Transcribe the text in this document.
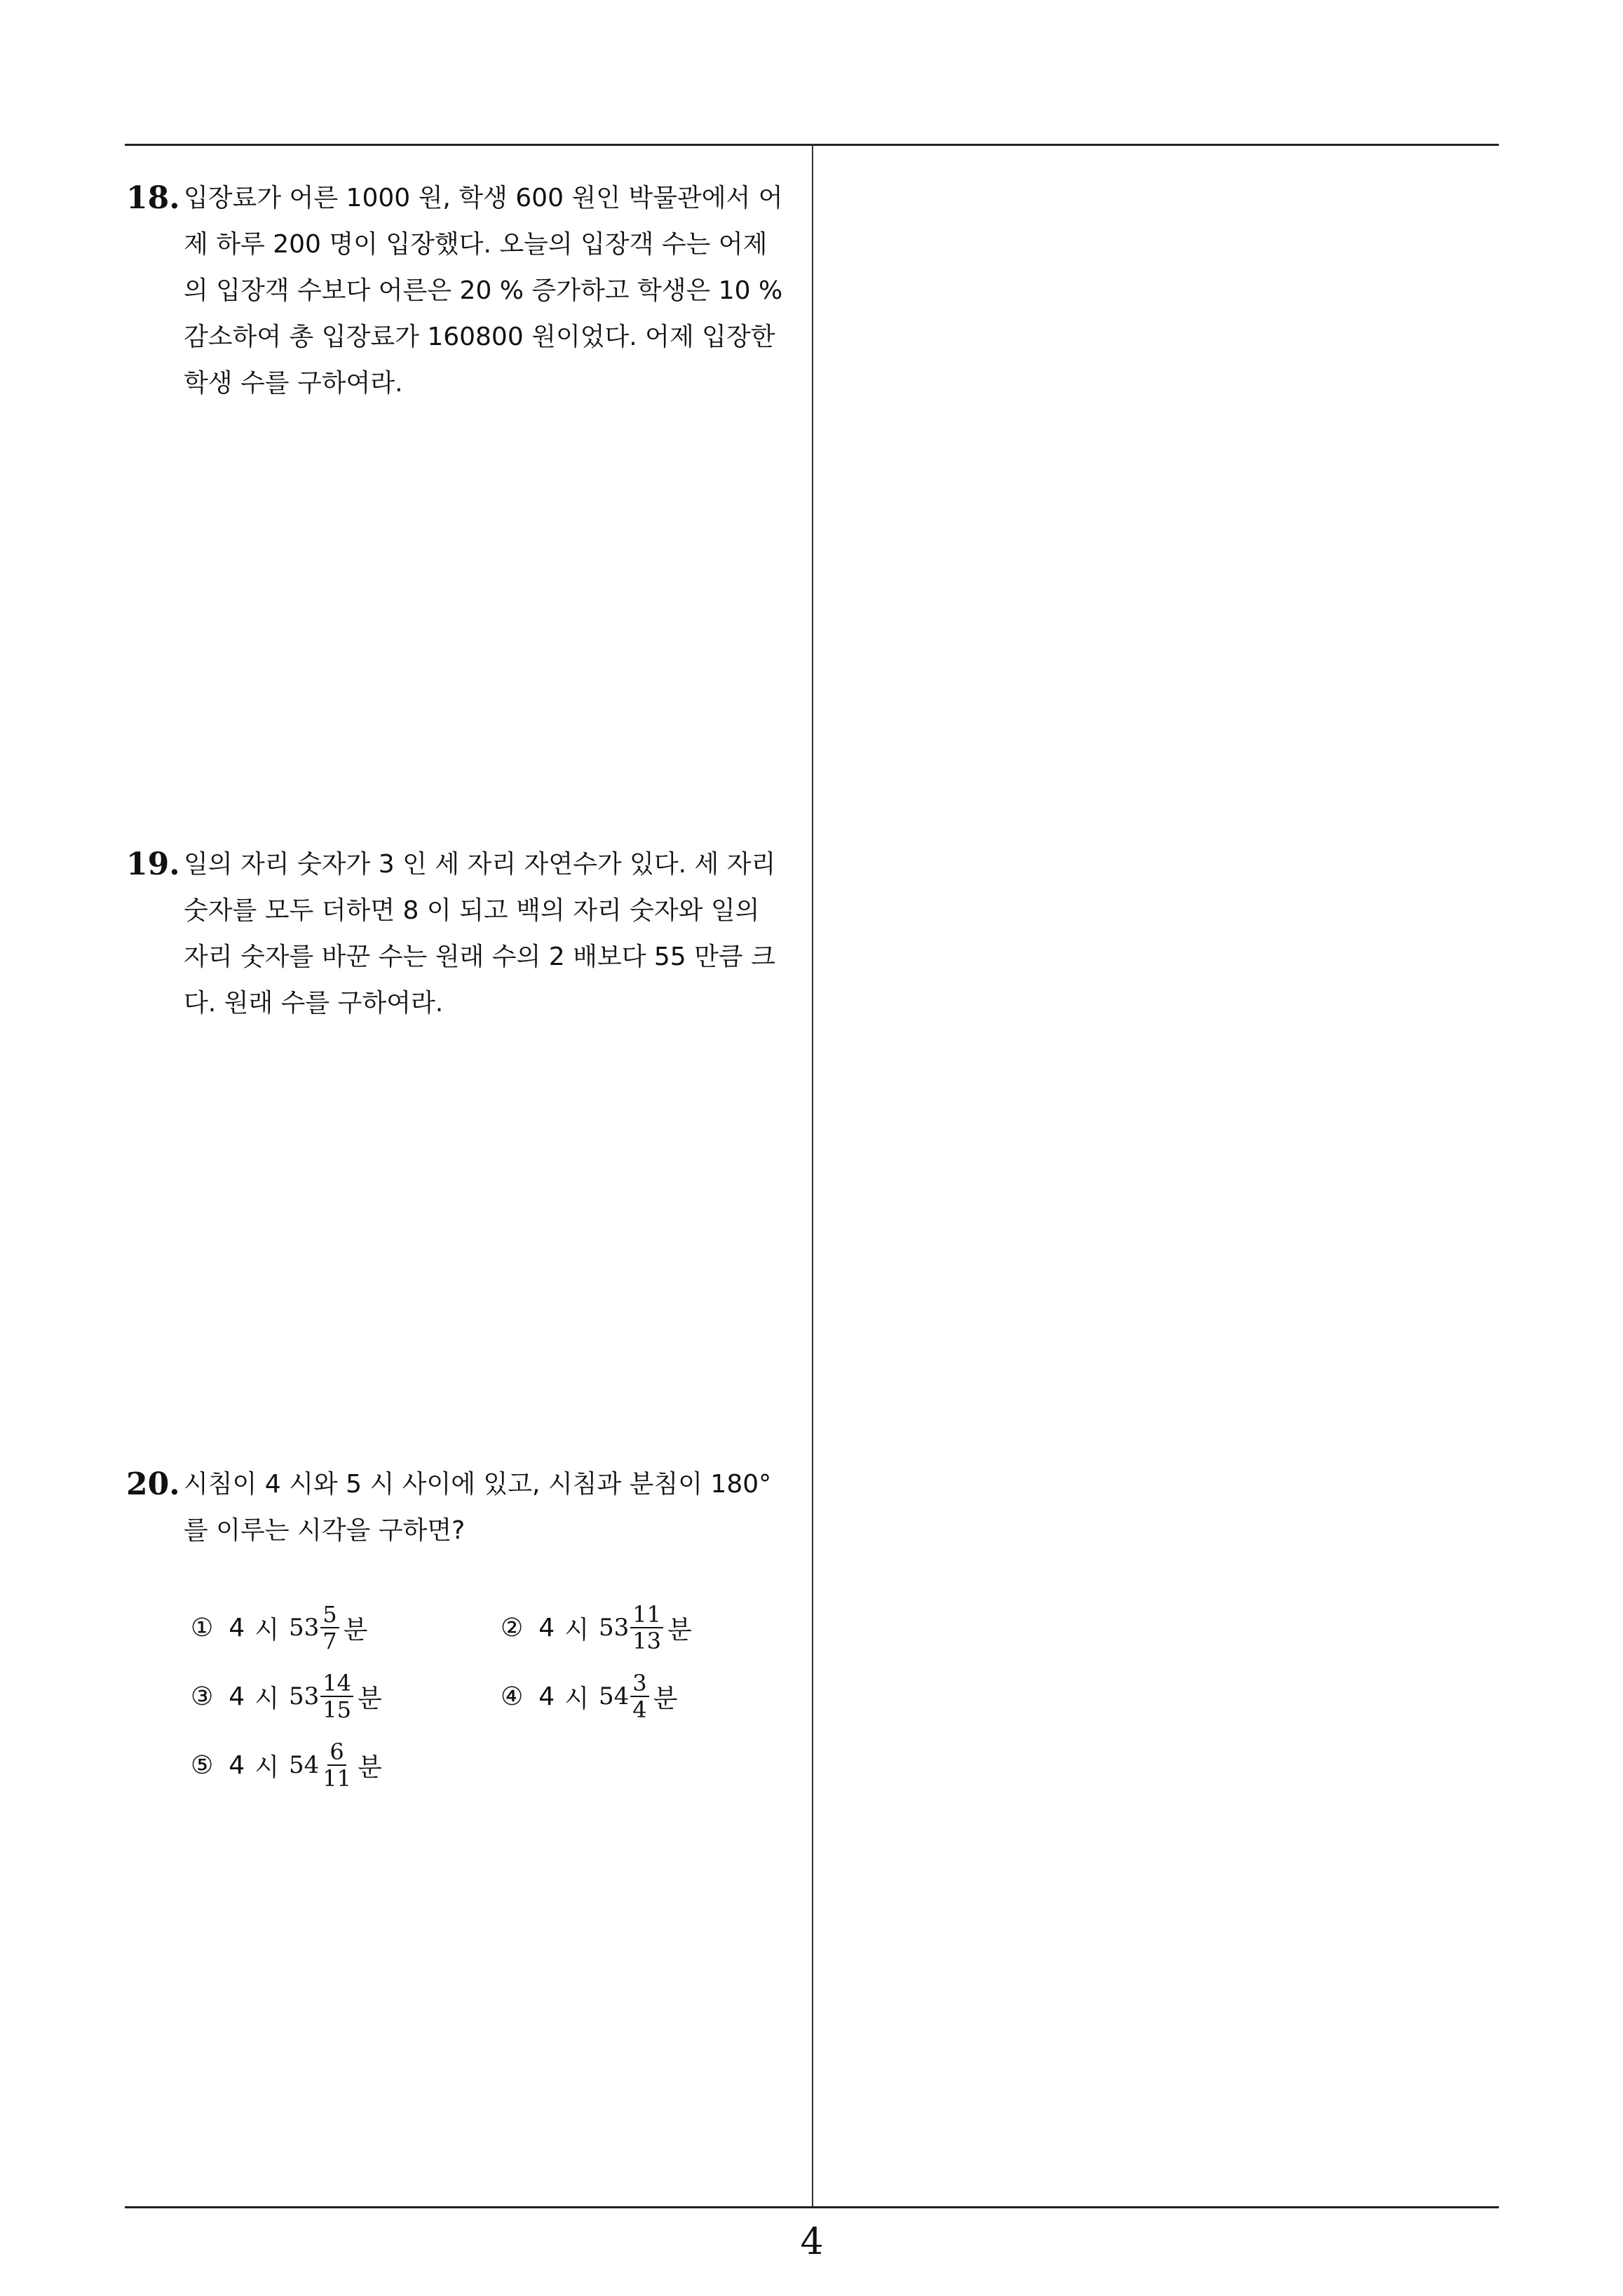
18. 입장료가 어른 1000 원, 학생 600 원인 박물관에서 어
제 하루 200 명이 입장했다. 오늘의 입장객 수는 어제
의 입장객 수보다 어른은 20 % 증가하고 학생은 10 %
감소하여 총 입장료가 160800 원이었다. 어제 입장한
학생 수를 구하여라.
19. 일의 자리 숫자가 3 인 세 자리 자연수가 있다. 세 자리
숫자를 모두 더하면 8 이 되고 백의 자리 숫자와 일의
자리 숫자를 바꾼 수는 원래 수의 2 배보다 55 만큼 크
다. 원래 수를 구하여라.
20. 시침이 4 시와 5 시 사이에 있고, 시침과 분침이 180°
를 이루는 시각을 구하면?
① 4 시 $53 \frac{5}{7}$ 분	② 4 시 $53 \frac{11}{13}$ 분
③ 4 시 $53 \frac{14}{15}$ 분	④ 4 시 $54 \frac{3}{4}$ 분
⑤ 4 시 $54 \frac{6}{11}$ 분
4
